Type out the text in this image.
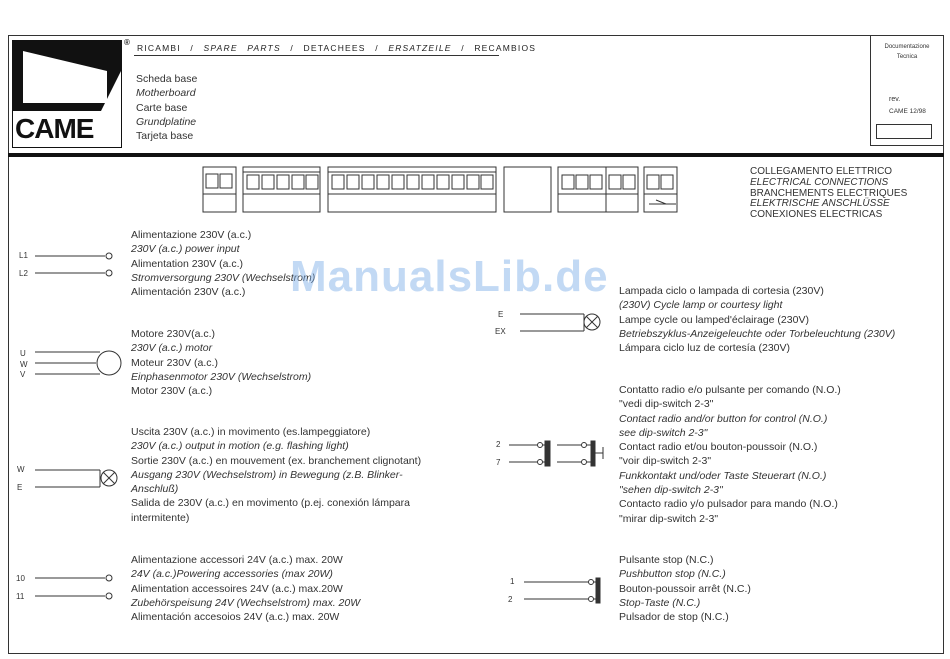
CAME
®
RICAMBI / SPARE PARTS / DETACHEES / ERSATZEILE / RECAMBIOS
Scheda base
Motherboard
Carte base
Grundplatine
Tarjeta base
Documentazione
Tecnica
rev.
CAME 12/98
COLLEGAMENTO ELETTRICO
ELECTRICAL CONNECTIONS
BRANCHEMENTS ELECTRIQUES
ELEKTRISCHE ANSCHLÜSSE
CONEXIONES ELECTRICAS
L1
L2
Alimentazione 230V (a.c.)
230V (a.c.) power input
Alimentation 230V (a.c.)
Stromversorgung 230V (Wechselstrom)
Alimentación 230V (a.c.)
U
W
V
Motore 230V(a.c.)
230V (a.c.) motor
Moteur 230V (a.c.)
Einphasenmotor 230V (Wechselstrom)
Motor 230V (a.c.)
W
E
Uscita 230V (a.c.) in movimento (es.lampeggiatore)
230V (a.c.) output in motion (e.g. flashing light)
Sortie 230V (a.c.) en mouvement (ex. branchement clignotant)
Ausgang 230V (Wechselstrom) in Bewegung (z.B. Blinker-
Anschluß)
Salida de 230V (a.c.) en movimento (p.ej. conexión lámpara
intermitente)
10
11
Alimentazione accessori 24V (a.c.) max. 20W
24V (a.c.)Powering accessories (max 20W)
Alimentation accessoires 24V (a.c.) max.20W
Zubehörspeisung 24V (Wechselstrom) max. 20W
Alimentación accesoios 24V (a.c.) max. 20W
E
EX
Lampada ciclo o lampada di cortesia (230V)
(230V) Cycle lamp or courtesy light
Lampe cycle ou lamped'éclairage (230V)
Betriebszyklus-Anzeigeleuchte oder Torbeleuchtung (230V)
Lámpara ciclo luz de cortesía (230V)
2
7
Contatto radio e/o pulsante per comando (N.O.)
"vedi dip-switch 2-3"
Contact radio and/or button for control (N.O.)
see dip-switch 2-3"
Contact radio et/ou bouton-poussoir (N.O.)
"voir dip-switch 2-3"
Funkkontakt und/oder Taste Steuerart (N.O.)
"sehen dip-switch 2-3"
Contacto radio y/o pulsador para mando (N.O.)
"mirar dip-switch 2-3"
1
2
Pulsante stop (N.C.)
Pushbutton stop (N.C.)
Bouton-poussoir arrêt (N.C.)
Stop-Taste (N.C.)
Pulsador de stop (N.C.)
ManualsLib.de
